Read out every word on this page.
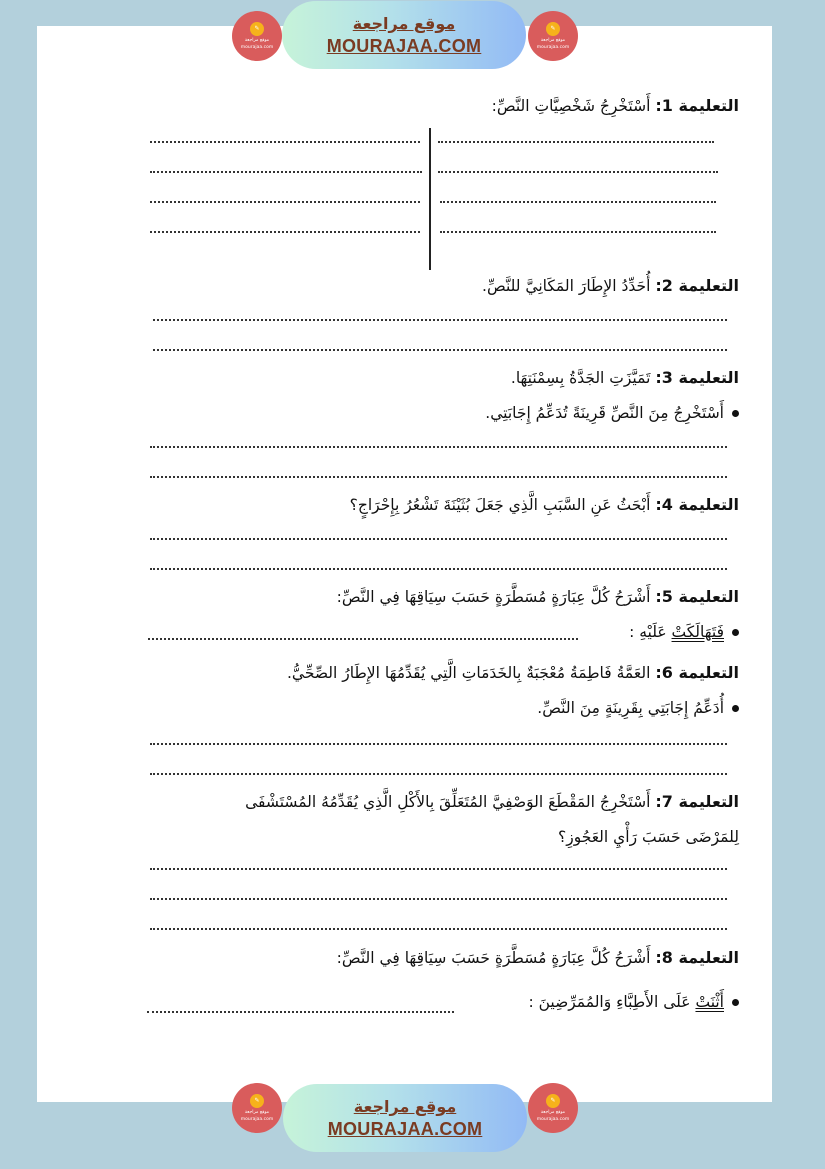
✎
موقع مراجعة
mourajaa.com
موقع مراجعة
MOURAJAA.COM
✎
موقع مراجعة
mourajaa.com
التعليمة 1: أَسْتَخْرِجُ شَخْصِيَّاتِ النَّصِّ:
التعليمة 2: أُحَدِّدُ الإِطَارَ المَكَانِيَّ للنَّصِّ.
التعليمة 3: تَمَيَّزَتِ الجَدَّةُ بِسِمْنَتِهَا.
أَسْتَخْرِجُ مِنَ النَّصِّ قَرِينَةً تُدَعِّمُ إِجَابَتِي.
التعليمة 4: أَبْحَثُ عَنِ السَّبَبِ الَّذِي جَعَلَ بُثَيْنَةَ تَشْعُرُ بِإِحْرَاجٍ؟
التعليمة 5: أَشْرَحُ كُلَّ عِبَارَةٍ مُسَطَّرَةٍ حَسَبَ سِيَاقِهَا فِي النَّصِّ:
فَتَهَالَكَتْ عَلَيْهِ :
التعليمة 6: العَمَّةُ فَاطِمَةُ مُعْجَبَةٌ بِالخَدَمَاتِ الَّتِي يُقَدِّمُهَا الإِطَارُ الصِّحِّيُّ.
أُدَعِّمُ إِجَابَتِي بِقَرِينَةٍ مِنَ النَّصِّ.
التعليمة 7: أَسْتَخْرِجُ المَقْطَعَ الوَصْفِيَّ المُتَعَلِّقَ بِالأَكْلِ الَّذِي يُقَدِّمُهُ المُسْتَشْفَى
لِلمَرْضَى حَسَبَ رَأْيِ العَجُوزِ؟
التعليمة 8: أَشْرَحُ كُلَّ عِبَارَةٍ مُسَطَّرَةٍ حَسَبَ سِيَاقِهَا فِي النَّصِّ:
أَثْنَتْ عَلَى الأَطِبَّاءِ وَالمُمَرِّضِينَ :
✎
موقع مراجعة
mourajaa.com
موقع مراجعة
MOURAJAA.COM
✎
موقع مراجعة
mourajaa.com
